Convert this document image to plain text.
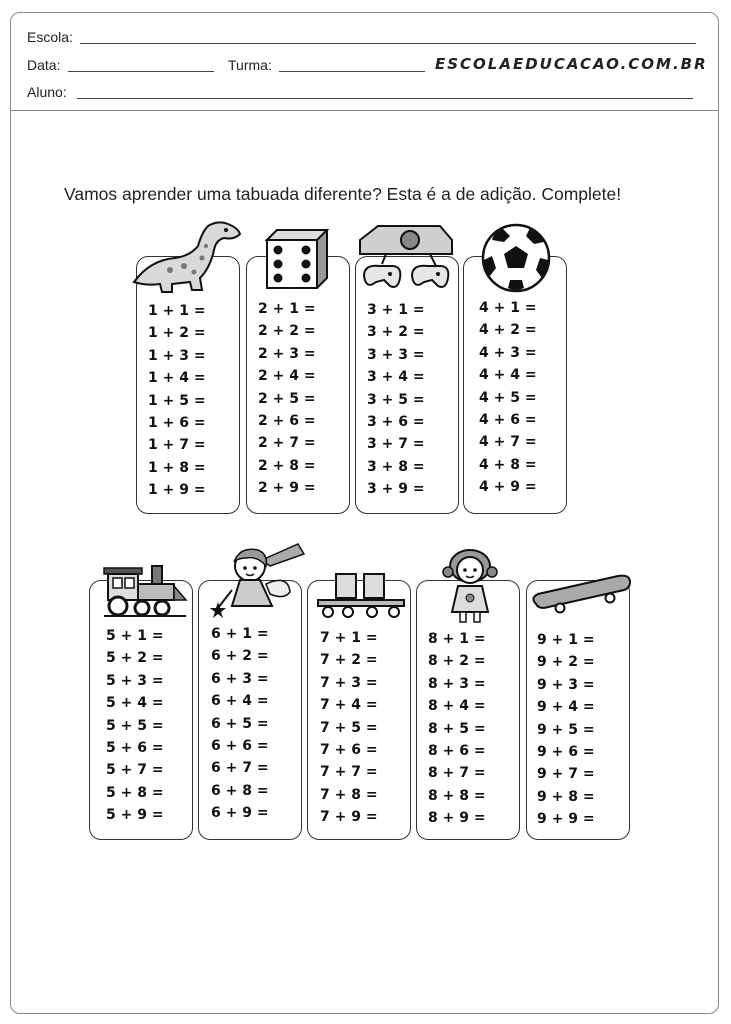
Escola:
Data:	Turma:	ESCOLAEDUCACAO.COM.BR
Aluno:
Vamos aprender uma tabuada diferente? Esta é a de adição. Complete!
1 + 1 =
1 + 2 =
1 + 3 =
1 + 4 =
1 + 5 =
1 + 6 =
1 + 7 =
1 + 8 =
1 + 9 =
2 + 1 =
2 + 2 =
2 + 3 =
2 + 4 =
2 + 5 =
2 + 6 =
2 + 7 =
2 + 8 =
2 + 9 =
3 + 1 =
3 + 2 =
3 + 3 =
3 + 4 =
3 + 5 =
3 + 6 =
3 + 7 =
3 + 8 =
3 + 9 =
4 + 1 =
4 + 2 =
4 + 3 =
4 + 4 =
4 + 5 =
4 + 6 =
4 + 7 =
4 + 8 =
4 + 9 =
5 + 1 =
5 + 2 =
5 + 3 =
5 + 4 =
5 + 5 =
5 + 6 =
5 + 7 =
5 + 8 =
5 + 9 =
6 + 1 =
6 + 2 =
6 + 3 =
6 + 4 =
6 + 5 =
6 + 6 =
6 + 7 =
6 + 8 =
6 + 9 =
7 + 1 =
7 + 2 =
7 + 3 =
7 + 4 =
7 + 5 =
7 + 6 =
7 + 7 =
7 + 8 =
7 + 9 =
8 + 1 =
8 + 2 =
8 + 3 =
8 + 4 =
8 + 5 =
8 + 6 =
8 + 7 =
8 + 8 =
8 + 9 =
9 + 1 =
9 + 2 =
9 + 3 =
9 + 4 =
9 + 5 =
9 + 6 =
9 + 7 =
9 + 8 =
9 + 9 =
